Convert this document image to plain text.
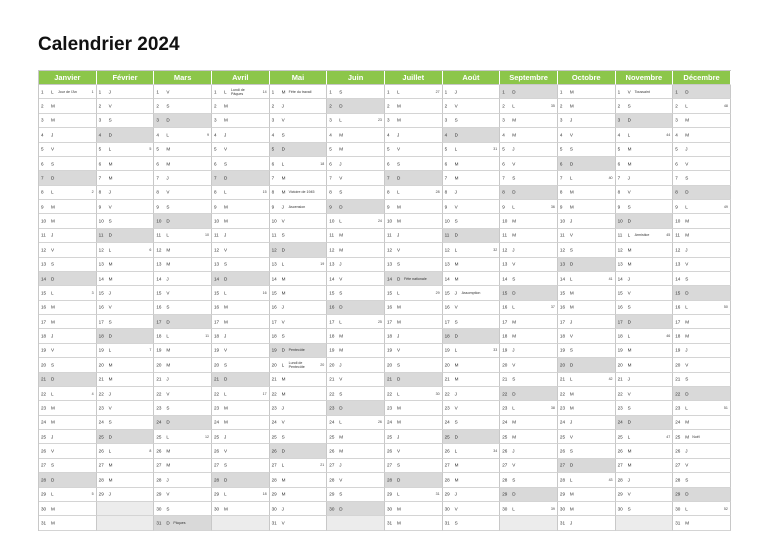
Calendrier 2024
Janvier
1 L Jour de l'An	1
2 M
3 M
4 J
5 V
6 S
7 D
8 L	2
9 M
10 M
11 J
12 V
13 S
14 D
15 L	3
16 M
17 M
18 J
19 V
20 S
21 D
22 L	4
23 M
24 M
25 J
26 V
27 S
28 D
29 L	5
30 M
31 M
Février
1 J
2 V
3 S
4 D
5 L	5
6 M
7 M
8 J
9 V
10 S
11 D
12 L	6
13 M
14 M
15 J
16 V
17 S
18 D
19 L	7
20 M
21 M
22 J
23 V
24 S
25 D
26 L	8
27 M
28 M
29 J
Mars
1 V
2 S
3 D
4 L	9
5 M
6 M
7 J
8 V
9 S
10 D
11 L	10
12 M
13 M
14 J
15 V
16 S
17 D
18 L	11
19 M
20 M
21 J
22 V
23 S
24 D
25 L	12
26 M
27 M
28 J
29 V
30 S
31 D Pâques
Avril
1 L Lundi de Pâques	14
2 M
3 M
4 J
5 V
6 S
7 D
8 L	15
9 M
10 M
11 J
12 V
13 S
14 D
15 L	16
16 M
17 M
18 J
19 V
20 S
21 D
22 L	17
23 M
24 M
25 J
26 V
27 S
28 D
29 L	18
30 M
Mai
1 M Fête du travail
2 J
3 V
4 S
5 D
6 L	18
7 M
8 M Victoire de 1945
9 J Ascension
10 V
11 S
12 D
13 L	19
14 M
15 M
16 J
17 V
18 S
19 D Pentecôte
20 L Lundi de Pentecôte	20
21 M
22 M
23 J
24 V
25 S
26 D
27 L	21
28 M
29 M
30 J
31 V
Juin
1 S
2 D
3 L	23
4 M
5 M
6 J
7 V
8 S
9 D
10 L	24
11 M
12 M
13 J
14 V
15 S
16 D
17 L	25
18 M
19 M
20 J
21 V
22 S
23 D
24 L	26
25 M
26 M
27 J
28 V
29 S
30 D
Juillet
1 L	27
2 M
3 M
4 J
5 V
6 S
7 D
8 L	28
9 M
10 M
11 J
12 V
13 S
14 D Fête nationale
15 L	29
16 M
17 M
18 J
19 V
20 S
21 D
22 L	30
23 M
24 M
25 J
26 V
27 S
28 D
29 L	31
30 M
31 M
Août
1 J
2 V
3 S
4 D
5 L	31
6 M
7 M
8 J
9 V
10 S
11 D
12 L	32
13 M
14 M
15 J Assomption
16 V
17 S
18 D
19 L	33
20 M
21 M
22 J
23 V
24 S
25 D
26 L	34
27 M
28 M
29 J
30 V
31 S
Septembre
1 D
2 L	35
3 M
4 M
5 J
6 V
7 S
8 D
9 L	36
10 M
11 M
12 J
13 V
14 S
15 D
16 L	37
17 M
18 M
19 J
20 V
21 S
22 D
23 L	38
24 M
25 M
26 J
27 V
28 S
29 D
30 L	39
Octobre
1 M
2 M
3 J
4 V
5 S
6 D
7 L	40
8 M
9 M
10 J
11 V
12 S
13 D
14 L	41
15 M
16 M
17 J
18 V
19 S
20 D
21 L	42
22 M
23 M
24 J
25 V
26 S
27 D
28 L	43
29 M
30 M
31 J
Novembre
1 V Toussaint
2 S
3 D
4 L	44
5 M
6 M
7 J
8 V
9 S
10 D
11 L Armistice	45
12 M
13 M
14 J
15 V
16 S
17 D
18 L	46
19 M
20 M
21 J
22 V
23 S
24 D
25 L	47
26 M
27 M
28 J
29 V
30 S
Décembre
1 D
2 L	48
3 M
4 M
5 J
6 V
7 S
8 D
9 L	49
10 M
11 M
12 J
13 V
14 S
15 D
16 L	50
17 M
18 M
19 J
20 V
21 S
22 D
23 L	51
24 M
25 M Noël
26 J
27 V
28 S
29 D
30 L	52
31 M
